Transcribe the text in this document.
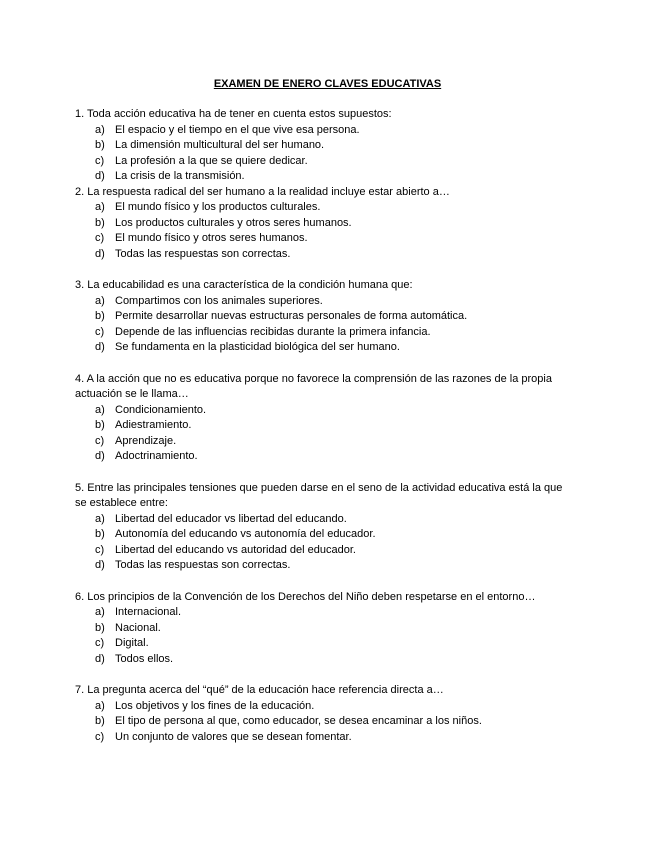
EXAMEN DE ENERO CLAVES EDUCATIVAS

1. Toda acción educativa ha de tener en cuenta estos supuestos:

a) El espacio y el tiempo en el que vive esa persona.
b) La dimensión multicultural del ser humano.
c) La profesión a la que se quiere dedicar.
d) La crisis de la transmisión.

2. La respuesta radical del ser humano a la realidad incluye estar abierto a…

a) El mundo físico y los productos culturales.
b) Los productos culturales y otros seres humanos.
c) El mundo físico y otros seres humanos.
d) Todas las respuestas son correctas.

3. La educabilidad es una característica de la condición humana que:

a) Compartimos con los animales superiores.
b) Permite desarrollar nuevas estructuras personales de forma automática.
c) Depende de las influencias recibidas durante la primera infancia.
d) Se fundamenta en la plasticidad biológica del ser humano.

4. A la acción que no es educativa porque no favorece la comprensión de las razones de la propia actuación se le llama…

a) Condicionamiento.
b) Adiestramiento.
c) Aprendizaje.
d) Adoctrinamiento.

5. Entre las principales tensiones que pueden darse en el seno de la actividad educativa está la que se establece entre:

a) Libertad del educador vs libertad del educando.
b) Autonomía del educando vs autonomía del educador.
c) Libertad del educando vs autoridad del educador.
d) Todas las respuestas son correctas.

6. Los principios de la Convención de los Derechos del Niño deben respetarse en el entorno…

a) Internacional.
b) Nacional.
c) Digital.
d) Todos ellos.

7. La pregunta acerca del “qué” de la educación hace referencia directa a…

a) Los objetivos y los fines de la educación.
b) El tipo de persona al que, como educador, se desea encaminar a los niños.
c) Un conjunto de valores que se desean fomentar.
